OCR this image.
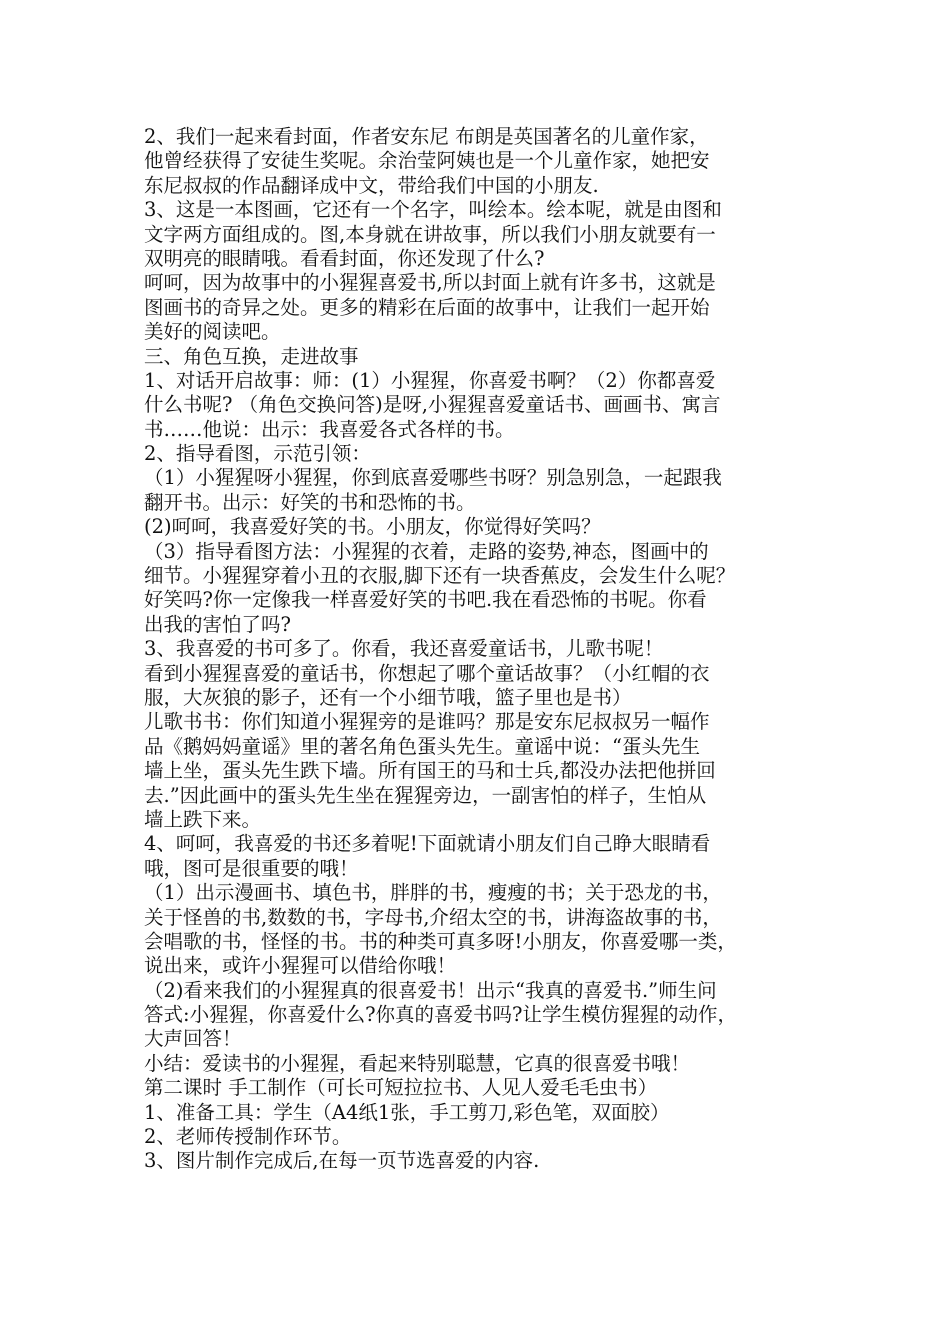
2、我们一起来看封面，作者安东尼 布朗是英国著名的儿童作家，
他曾经获得了安徒生奖呢。余治莹阿姨也是一个儿童作家，她把安
东尼叔叔的作品翻译成中文，带给我们中国的小朋友.
3、这是一本图画，它还有一个名字，叫绘本。绘本呢，就是由图和
文字两方面组成的。图,本身就在讲故事，所以我们小朋友就要有一
双明亮的眼睛哦。看看封面，你还发现了什么?
呵呵，因为故事中的小猩猩喜爱书,所以封面上就有许多书，这就是
图画书的奇异之处。更多的精彩在后面的故事中，让我们一起开始
美好的阅读吧。
三、角色互换，走进故事
1、对话开启故事：师：(1）小猩猩，你喜爱书啊？（2）你都喜爱
什么书呢? （角色交换问答)是呀,小猩猩喜爱童话书、画画书、寓言
书……他说：出示：我喜爱各式各样的书。
2、指导看图，示范引领：
（1）小猩猩呀小猩猩，你到底喜爱哪些书呀？别急别急，一起跟我
翻开书。出示：好笑的书和恐怖的书。
(2)呵呵，我喜爱好笑的书。小朋友，你觉得好笑吗？
（3）指导看图方法：小猩猩的衣着，走路的姿势,神态，图画中的
细节。小猩猩穿着小丑的衣服,脚下还有一块香蕉皮，会发生什么呢？
好笑吗?你一定像我一样喜爱好笑的书吧.我在看恐怖的书呢。你看
出我的害怕了吗?
3、我喜爱的书可多了。你看，我还喜爱童话书，儿歌书呢！
看到小猩猩喜爱的童话书，你想起了哪个童话故事？（小红帽的衣
服，大灰狼的影子，还有一个小细节哦，篮子里也是书）
儿歌书书：你们知道小猩猩旁的是谁吗？那是安东尼叔叔另一幅作
品《鹅妈妈童谣》里的著名角色蛋头先生。童谣中说：“蛋头先生
墙上坐，蛋头先生跌下墙。所有国王的马和士兵,都没办法把他拼回
去.”因此画中的蛋头先生坐在猩猩旁边，一副害怕的样子，生怕从
墙上跌下来。
4、呵呵，我喜爱的书还多着呢!下面就请小朋友们自己睁大眼睛看
哦，图可是很重要的哦！
（1）出示漫画书、填色书，胖胖的书，瘦瘦的书；关于恐龙的书，
关于怪兽的书,数数的书，字母书,介绍太空的书，讲海盗故事的书，
会唱歌的书，怪怪的书。书的种类可真多呀!小朋友，你喜爱哪一类，
说出来，或许小猩猩可以借给你哦！
（2)看来我们的小猩猩真的很喜爱书！出示“我真的喜爱书.”师生问
答式:小猩猩，你喜爱什么?你真的喜爱书吗?让学生模仿猩猩的动作，
大声回答！
小结：爱读书的小猩猩，看起来特别聪慧，它真的很喜爱书哦！
第二课时 手工制作（可长可短拉拉书、人见人爱毛毛虫书）
1、准备工具：学生（A4纸1张，手工剪刀,彩色笔，双面胶）
2、老师传授制作环节。
3、图片制作完成后,在每一页节选喜爱的内容.
